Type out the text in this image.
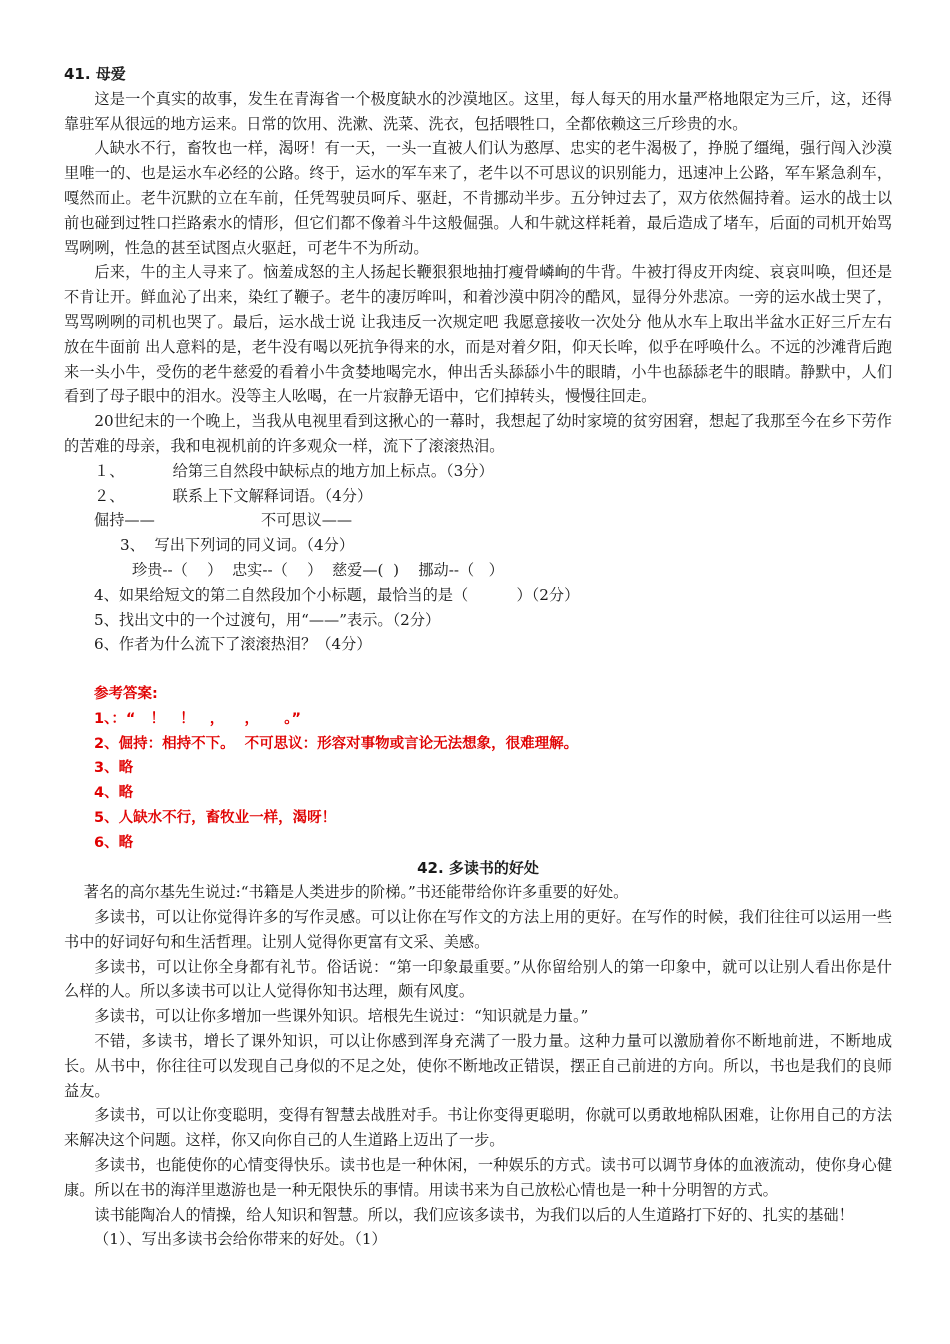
41. 母爱

这是一个真实的故事，发生在青海省一个极度缺水的沙漠地区。这里，每人每天的用水量严格地限定为三斤，这，还得靠驻军从很远的地方运来。日常的饮用、洗漱、洗菜、洗衣，包括喂牲口，全都依赖这三斤珍贵的水。

人缺水不行，畜牧也一样，渴呀！有一天，一头一直被人们认为憨厚、忠实的老牛渴极了，挣脱了缰绳，强行闯入沙漠里唯一的、也是运水车必经的公路。终于，运水的军车来了，老牛以不可思议的识别能力，迅速冲上公路，军车紧急刹车，嘎然而止。老牛沉默的立在车前，任凭驾驶员呵斥、驱赶，不肯挪动半步。五分钟过去了，双方依然倔持着。运水的战士以前也碰到过牲口拦路索水的情形，但它们都不像着斗牛这般倔强。人和牛就这样耗着，最后造成了堵车，后面的司机开始骂骂咧咧，性急的甚至试图点火驱赶，可老牛不为所动。

后来，牛的主人寻来了。恼羞成怒的主人扬起长鞭狠狠地抽打瘦骨嶙峋的牛背。牛被打得皮开肉绽、哀哀叫唤，但还是不肯让开。鲜血沁了出来，染红了鞭子。老牛的凄厉哞叫，和着沙漠中阴冷的酷风，显得分外悲凉。一旁的运水战士哭了，骂骂咧咧的司机也哭了。最后，运水战士说 让我违反一次规定吧 我愿意接收一次处分 他从水车上取出半盆水正好三斤左右 放在牛面前 出人意料的是，老牛没有喝以死抗争得来的水，而是对着夕阳，仰天长哞，似乎在呼唤什么。不远的沙滩背后跑来一头小牛，受伤的老牛慈爱的看着小牛贪婪地喝完水，伸出舌头舔舔小牛的眼睛，小牛也舔舔老牛的眼睛。静默中，人们看到了母子眼中的泪水。没等主人吆喝，在一片寂静无语中，它们掉转头，慢慢往回走。

20世纪末的一个晚上，当我从电视里看到这揪心的一幕时，我想起了幼时家境的贫穷困窘，想起了我那至今在乡下劳作的苦难的母亲，我和电视机前的许多观众一样，流下了滚滚热泪。

１、          给第三自然段中缺标点的地方加上标点。（3分）

２、          联系上下文解释词语。（4分）

倔持——                      不可思议——

3、  写出下列词的同义词。（4分）

珍贵--（    ）  忠实--（    ）  慈爱—(  )    挪动--（   ）

4、如果给短文的第二自然段加个小标题，最恰当的是（          ）（2分）

5、找出文中的一个过渡句，用“——”表示。（2分）

6、作者为什么流下了滚滚热泪？（4分）

参考答案:

1、：“   ！   ！   ，    ，     。”

2、倔持：相持不下。  不可思议：形容对事物或言论无法想象，很难理解。

3、略

4、略

5、人缺水不行，畜牧业一样，渴呀！

6、略

42. 多读书的好处

著名的高尔基先生说过:“书籍是人类进步的阶梯。”书还能带给你许多重要的好处。

多读书，可以让你觉得许多的写作灵感。可以让你在写作文的方法上用的更好。在写作的时候，我们往往可以运用一些书中的好词好句和生活哲理。让别人觉得你更富有文采、美感。

多读书，可以让你全身都有礼节。俗话说：“第一印象最重要。”从你留给别人的第一印象中，就可以让别人看出你是什么样的人。所以多读书可以让人觉得你知书达理，颇有风度。

多读书，可以让你多增加一些课外知识。培根先生说过：“知识就是力量。”

不错，多读书，增长了课外知识，可以让你感到浑身充满了一股力量。这种力量可以激励着你不断地前进，不断地成长。从书中，你往往可以发现自己身似的不足之处，使你不断地改正错误，摆正自己前进的方向。所以，书也是我们的良师益友。

多读书，可以让你变聪明，变得有智慧去战胜对手。书让你变得更聪明，你就可以勇敢地棉队困难，让你用自己的方法来解决这个问题。这样，你又向你自己的人生道路上迈出了一步。

多读书，也能使你的心情变得快乐。读书也是一种休闲，一种娱乐的方式。读书可以调节身体的血液流动，使你身心健康。所以在书的海洋里遨游也是一种无限快乐的事情。用读书来为自己放松心情也是一种十分明智的方式。

读书能陶冶人的情操，给人知识和智慧。所以，我们应该多读书，为我们以后的人生道路打下好的、扎实的基础！

（1）、写出多读书会给你带来的好处。（1）
